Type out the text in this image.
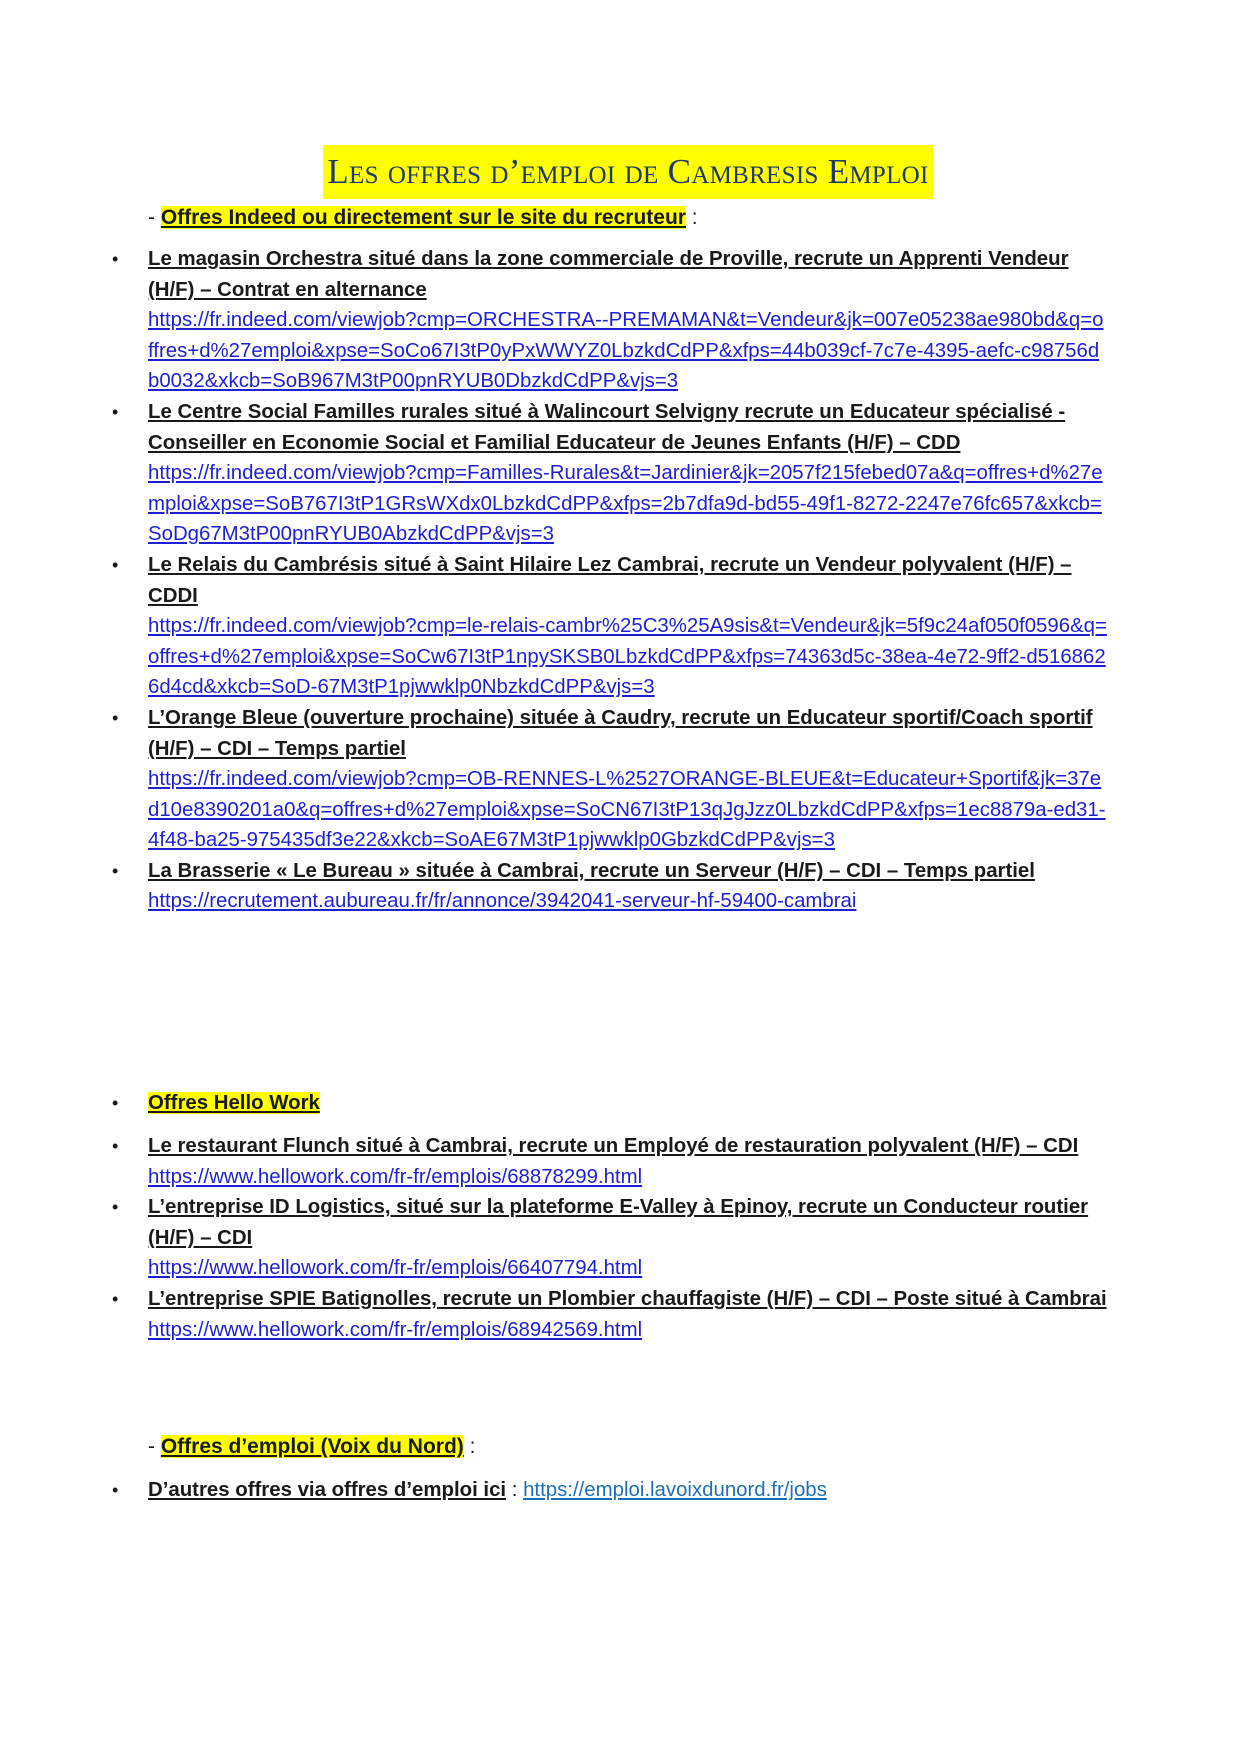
Les offres d’emploi de Cambresis Emploi
- Offres Indeed ou directement sur le site du recruteur :
• Le magasin Orchestra situé dans la zone commerciale de Proville, recrute un Apprenti Vendeur (H/F) – Contrat en alternance
https://fr.indeed.com/viewjob?cmp=ORCHESTRA--PREMAMAN&t=Vendeur&jk=007e05238ae980bd&q=offres+d%27emploi&xpse=SoCo67I3tP0yPxWWYZ0LbzkdCdPP&xfps=44b039cf-7c7e-4395-aefc-c98756db0032&xkcb=SoB967M3tP00pnRYUB0DbzkdCdPP&vjs=3
• Le Centre Social Familles rurales situé à Walincourt Selvigny recrute un Educateur spécialisé - Conseiller en Economie Social et Familial Educateur de Jeunes Enfants (H/F) – CDD
https://fr.indeed.com/viewjob?cmp=Familles-Rurales&t=Jardinier&jk=2057f215febed07a&q=offres+d%27emploi&xpse=SoB767I3tP1GRsWXdx0LbzkdCdPP&xfps=2b7dfa9d-bd55-49f1-8272-2247e76fc657&xkcb=SoDg67M3tP00pnRYUB0AbzkdCdPP&vjs=3
• Le Relais du Cambrésis situé à Saint Hilaire Lez Cambrai, recrute un Vendeur polyvalent (H/F) – CDDI
https://fr.indeed.com/viewjob?cmp=le-relais-cambr%25C3%25A9sis&t=Vendeur&jk=5f9c24af050f0596&q=offres+d%27emploi&xpse=SoCw67I3tP1npySKSB0LbzkdCdPP&xfps=74363d5c-38ea-4e72-9ff2-d5168626d4cd&xkcb=SoD-67M3tP1pjwwklp0NbzkdCdPP&vjs=3
• L’Orange Bleue (ouverture prochaine) située à Caudry, recrute un Educateur sportif/Coach sportif (H/F) – CDI – Temps partiel
https://fr.indeed.com/viewjob?cmp=OB-RENNES-L%2527ORANGE-BLEUE&t=Educateur+Sportif&jk=37ed10e8390201a0&q=offres+d%27emploi&xpse=SoCN67I3tP13qJgJzz0LbzkdCdPP&xfps=1ec8879a-ed31-4f48-ba25-975435df3e22&xkcb=SoAE67M3tP1pjwwklp0GbzkdCdPP&vjs=3
• La Brasserie « Le Bureau » située à Cambrai, recrute un Serveur (H/F) – CDI – Temps partiel
https://recrutement.aubureau.fr/fr/annonce/3942041-serveur-hf-59400-cambrai
• Offres Hello Work
• Le restaurant Flunch situé à Cambrai, recrute un Employé de restauration polyvalent (H/F) – CDI
https://www.hellowork.com/fr-fr/emplois/68878299.html
• L’entreprise ID Logistics, situé sur la plateforme E-Valley à Epinoy, recrute un Conducteur routier (H/F) – CDI
https://www.hellowork.com/fr-fr/emplois/66407794.html
• L’entreprise SPIE Batignolles, recrute un Plombier chauffagiste (H/F) – CDI – Poste situé à Cambrai
https://www.hellowork.com/fr-fr/emplois/68942569.html
- Offres d’emploi (Voix du Nord) :
• D’autres offres via offres d’emploi ici : https://emploi.lavoixdunord.fr/jobs
